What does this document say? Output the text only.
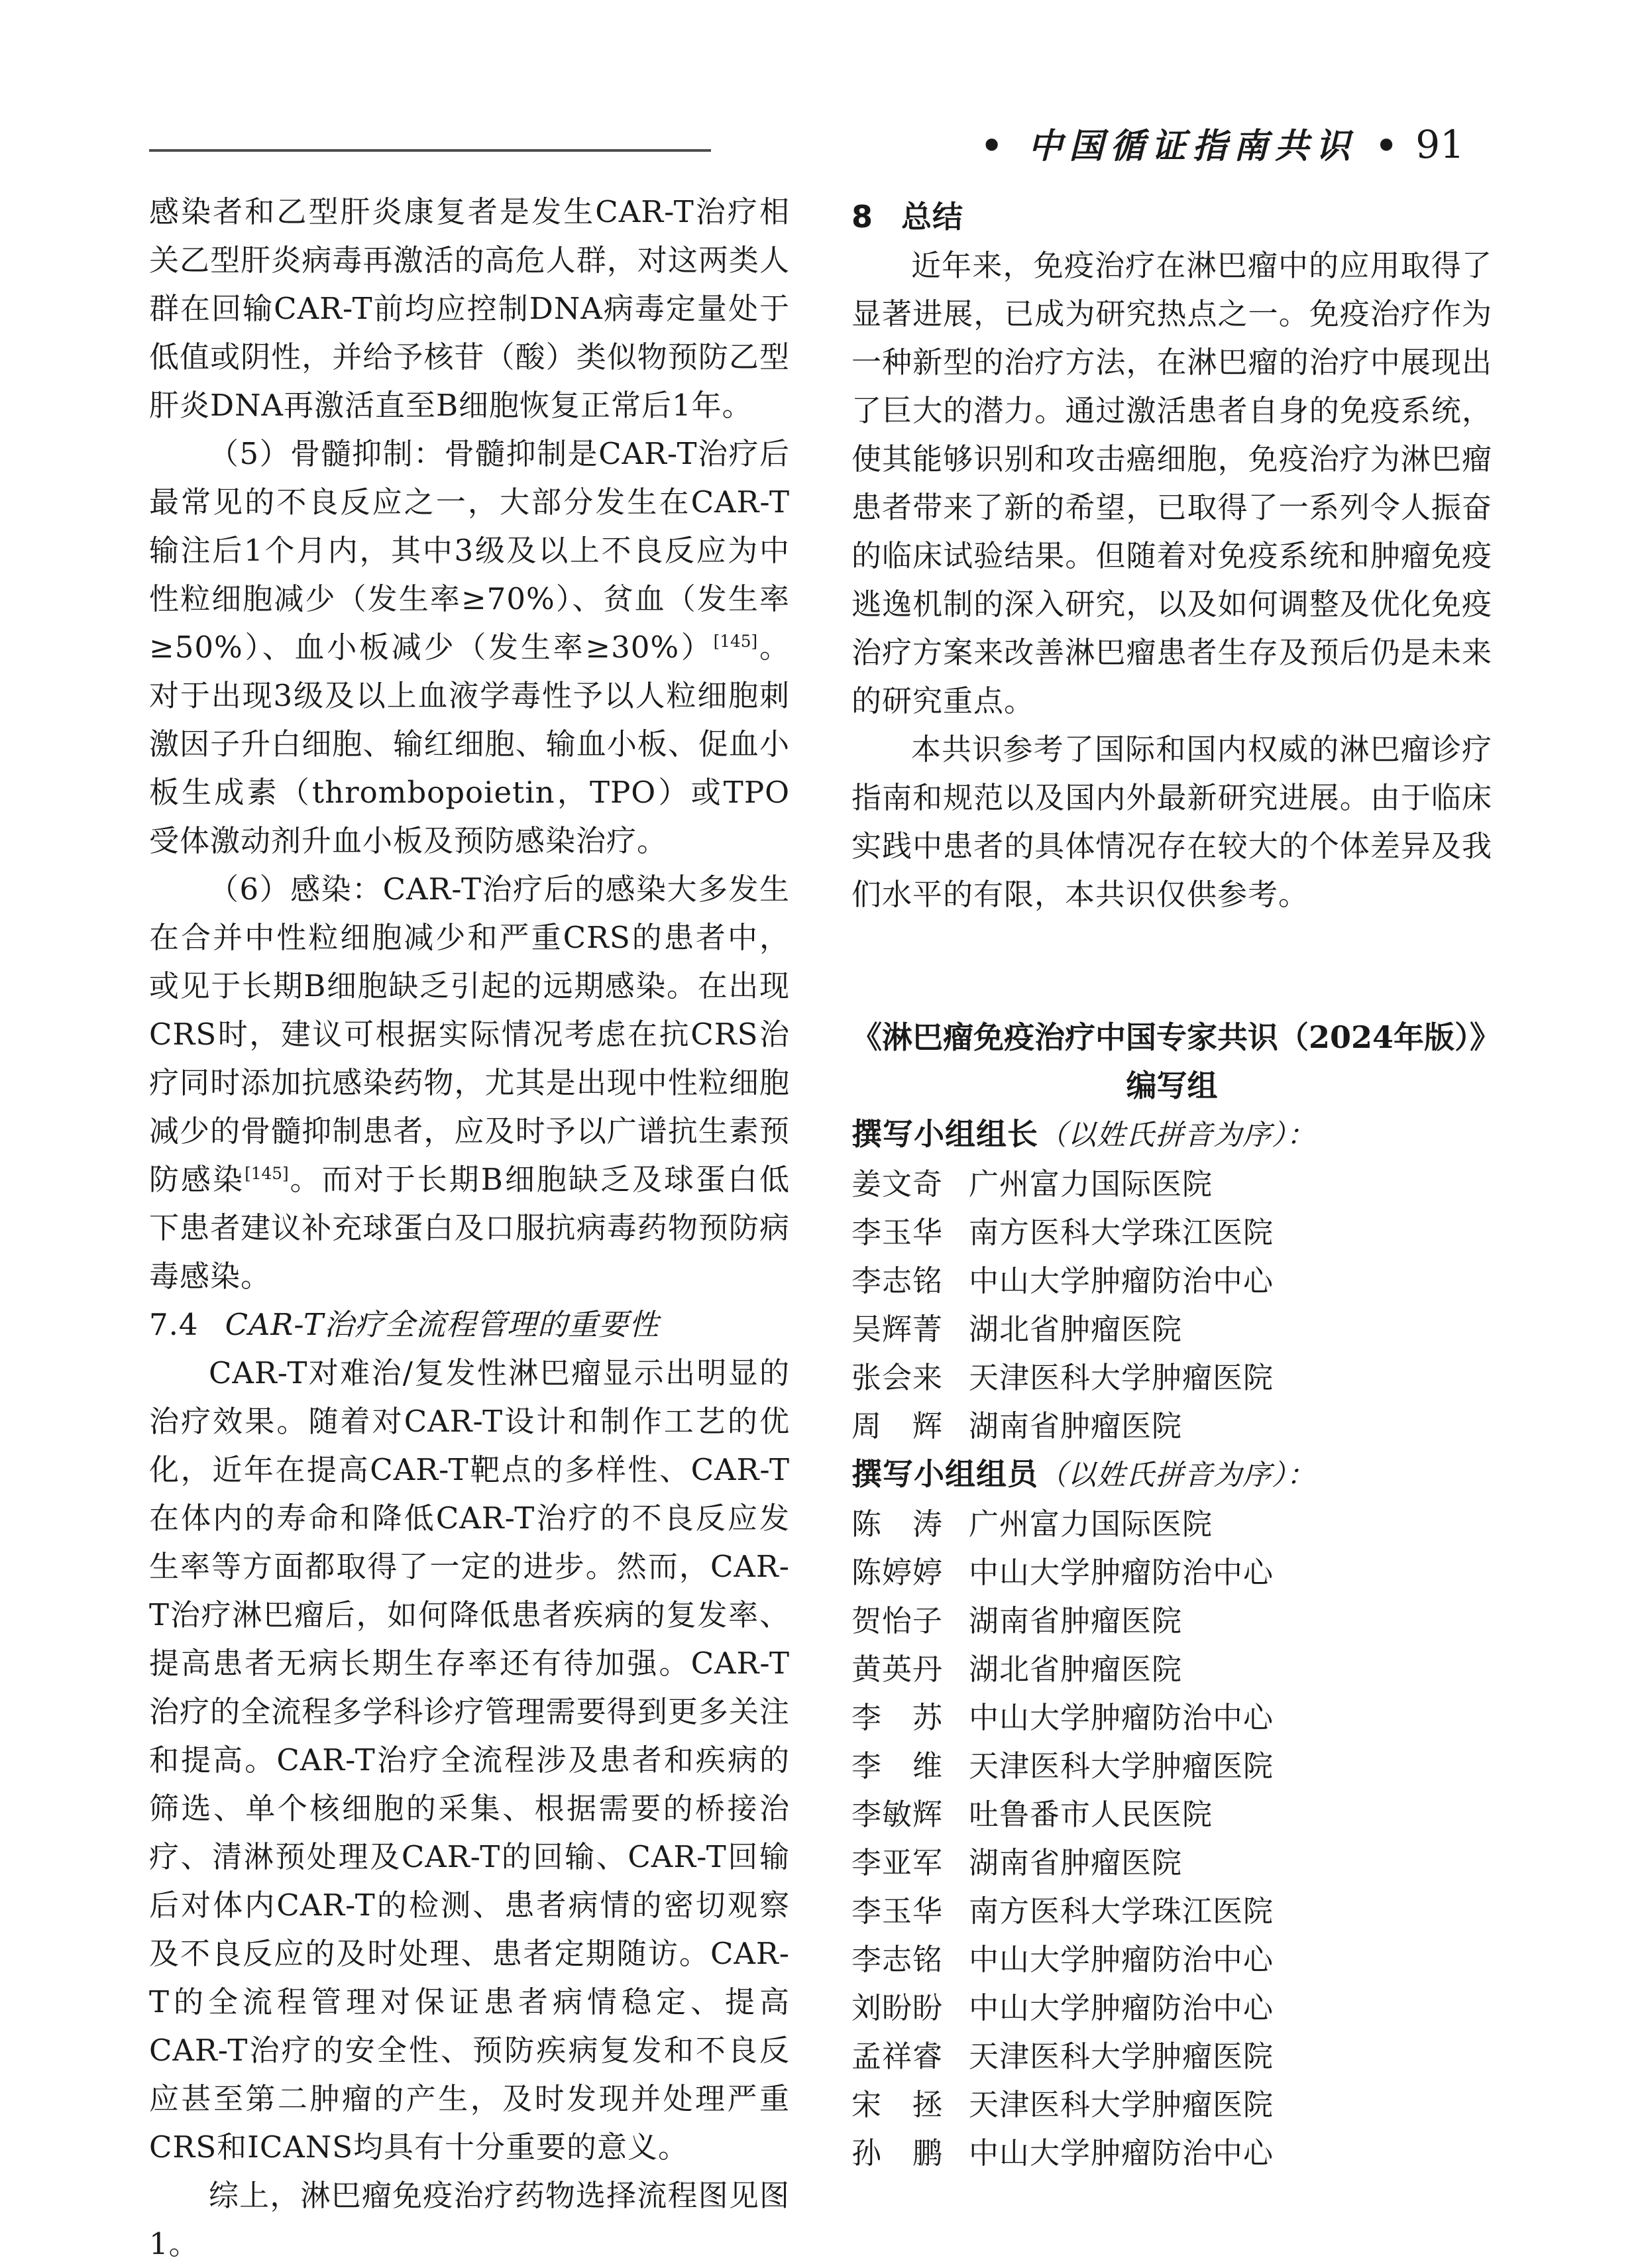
• 中国循证指南共识 • 91
感染者和乙型肝炎康复者是发生CAR-T治疗相关乙型肝炎病毒再激活的高危人群，对这两类人群在回输CAR-T前均应控制DNA病毒定量处于低值或阴性，并给予核苷（酸）类似物预防乙型肝炎DNA再激活直至B细胞恢复正常后1年。
（5）骨髓抑制：骨髓抑制是CAR-T治疗后最常见的不良反应之一，大部分发生在CAR-T输注后1个月内，其中3级及以上不良反应为中性粒细胞减少（发生率≥70%）、贫血（发生率≥50%）、血小板减少（发生率≥30%）[145]。对于出现3级及以上血液学毒性予以人粒细胞刺激因子升白细胞、输红细胞、输血小板、促血小板生成素（thrombopoietin，TPO）或TPO受体激动剂升血小板及预防感染治疗。
（6）感染：CAR-T治疗后的感染大多发生在合并中性粒细胞减少和严重CRS的患者中，或见于长期B细胞缺乏引起的远期感染。在出现CRS时，建议可根据实际情况考虑在抗CRS治疗同时添加抗感染药物，尤其是出现中性粒细胞减少的骨髓抑制患者，应及时予以广谱抗生素预防感染[145]。而对于长期B细胞缺乏及球蛋白低下患者建议补充球蛋白及口服抗病毒药物预防病毒感染。
7.4 CAR-T治疗全流程管理的重要性
CAR-T对难治/复发性淋巴瘤显示出明显的治疗效果。随着对CAR-T设计和制作工艺的优化，近年在提高CAR-T靶点的多样性、CAR-T在体内的寿命和降低CAR-T治疗的不良反应发生率等方面都取得了一定的进步。然而，CAR-T治疗淋巴瘤后，如何降低患者疾病的复发率、提高患者无病长期生存率还有待加强。CAR-T治疗的全流程多学科诊疗管理需要得到更多关注和提高。CAR-T治疗全流程涉及患者和疾病的筛选、单个核细胞的采集、根据需要的桥接治疗、清淋预处理及CAR-T的回输、CAR-T回输后对体内CAR-T的检测、患者病情的密切观察及不良反应的及时处理、患者定期随访。CAR-T的全流程管理对保证患者病情稳定、提高CAR-T治疗的安全性、预防疾病复发和不良反应甚至第二肿瘤的产生，及时发现并处理严重CRS和ICANS均具有十分重要的意义。
综上，淋巴瘤免疫治疗药物选择流程图见图1。
8 总结
近年来，免疫治疗在淋巴瘤中的应用取得了显著进展，已成为研究热点之一。免疫治疗作为一种新型的治疗方法，在淋巴瘤的治疗中展现出了巨大的潜力。通过激活患者自身的免疫系统，使其能够识别和攻击癌细胞，免疫治疗为淋巴瘤患者带来了新的希望，已取得了一系列令人振奋的临床试验结果。但随着对免疫系统和肿瘤免疫逃逸机制的深入研究，以及如何调整及优化免疫治疗方案来改善淋巴瘤患者生存及预后仍是未来的研究重点。
本共识参考了国际和国内权威的淋巴瘤诊疗指南和规范以及国内外最新研究进展。由于临床实践中患者的具体情况存在较大的个体差异及我们水平的有限，本共识仅供参考。
《淋巴瘤免疫治疗中国专家共识（2024年版）》
编写组
撰写小组组长（以姓氏拼音为序）：
姜文奇 广州富力国际医院
李玉华 南方医科大学珠江医院
李志铭 中山大学肿瘤防治中心
吴辉菁 湖北省肿瘤医院
张会来 天津医科大学肿瘤医院
周　辉 湖南省肿瘤医院
撰写小组组员（以姓氏拼音为序）：
陈　涛 广州富力国际医院
陈婷婷 中山大学肿瘤防治中心
贺怡子 湖南省肿瘤医院
黄英丹 湖北省肿瘤医院
李　苏 中山大学肿瘤防治中心
李　维 天津医科大学肿瘤医院
李敏辉 吐鲁番市人民医院
李亚军 湖南省肿瘤医院
李玉华 南方医科大学珠江医院
李志铭 中山大学肿瘤防治中心
刘盼盼 中山大学肿瘤防治中心
孟祥睿 天津医科大学肿瘤医院
宋　拯 天津医科大学肿瘤医院
孙　鹏 中山大学肿瘤防治中心
